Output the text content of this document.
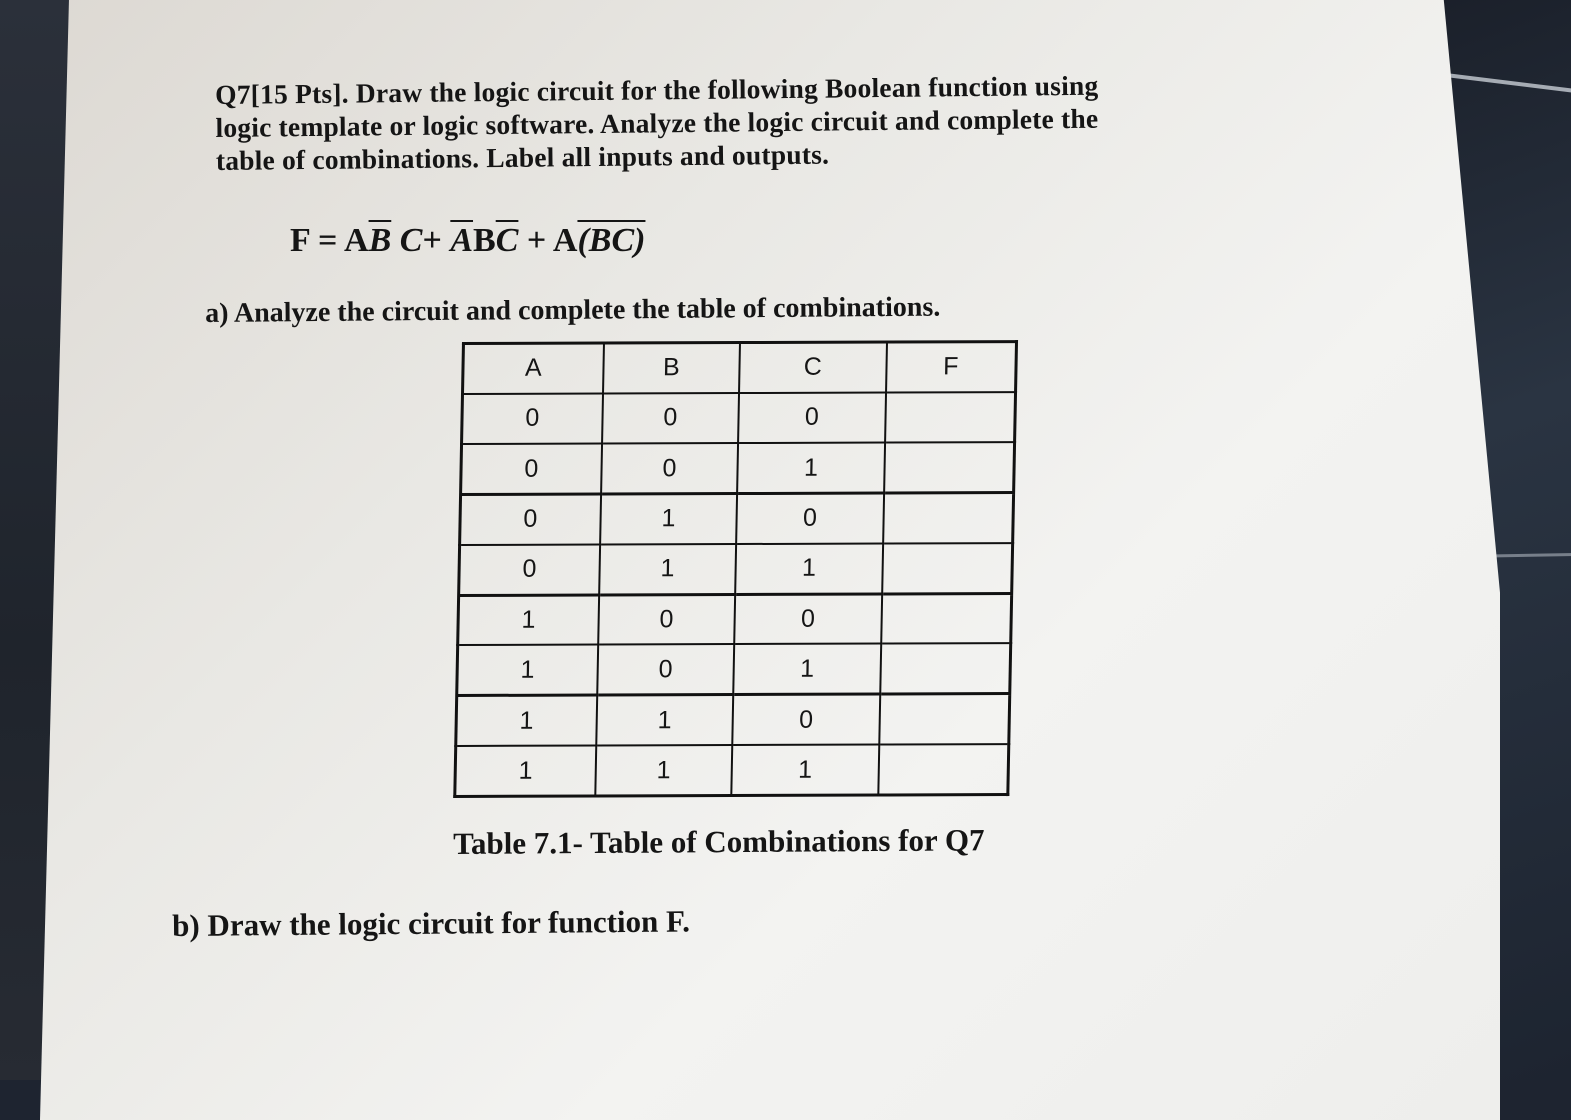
Q7[15 Pts]. Draw the logic circuit for the following Boolean function using
logic template or logic software. Analyze the logic circuit and complete the
table of combinations. Label all inputs and outputs.
$F = A\overline{B}$ $C+ \overline{A}B\overline{C} + A(BC)$
a) Analyze the circuit and complete the table of combinations.
A	B	C	F
0	0	0	
0	0	1	
0	1	0	
0	1	1	
1	0	0	
1	0	1	
1	1	0	
1	1	1	
Table 7.1- Table of Combinations for Q7
b) Draw the logic circuit for function F.
